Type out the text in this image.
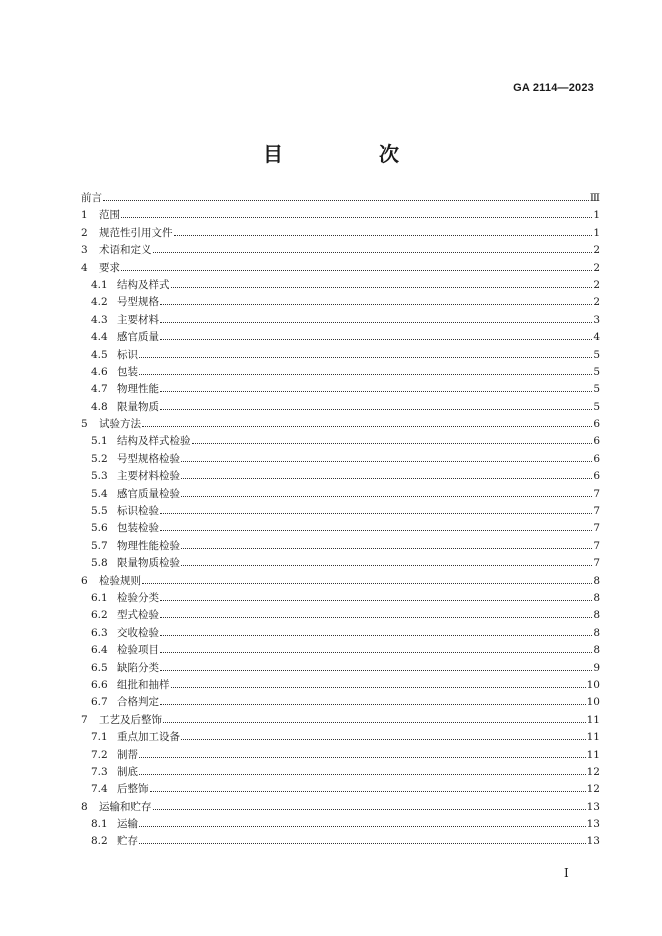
GA 2114—2023
目　次
前言	Ⅲ
1	范围	1
2	规范性引用文件	1
3	术语和定义	2
4	要求	2
4.1 结构及样式	2
4.2 号型规格	2
4.3 主要材料	3
4.4 感官质量	4
4.5 标识	5
4.6 包装	5
4.7 物理性能	5
4.8 限量物质	5
5	试验方法	6
5.1 结构及样式检验	6
5.2 号型规格检验	6
5.3 主要材料检验	6
5.4 感官质量检验	7
5.5 标识检验	7
5.6 包装检验	7
5.7 物理性能检验	7
5.8 限量物质检验	7
6	检验规则	8
6.1 检验分类	8
6.2 型式检验	8
6.3 交收检验	8
6.4 检验项目	8
6.5 缺陷分类	9
6.6 组批和抽样	10
6.7 合格判定	10
7	工艺及后整饰	11
7.1 重点加工设备	11
7.2 制帮	11
7.3 制底	12
7.4 后整饰	12
8	运输和贮存	13
8.1 运输	13
8.2 贮存	13
I
